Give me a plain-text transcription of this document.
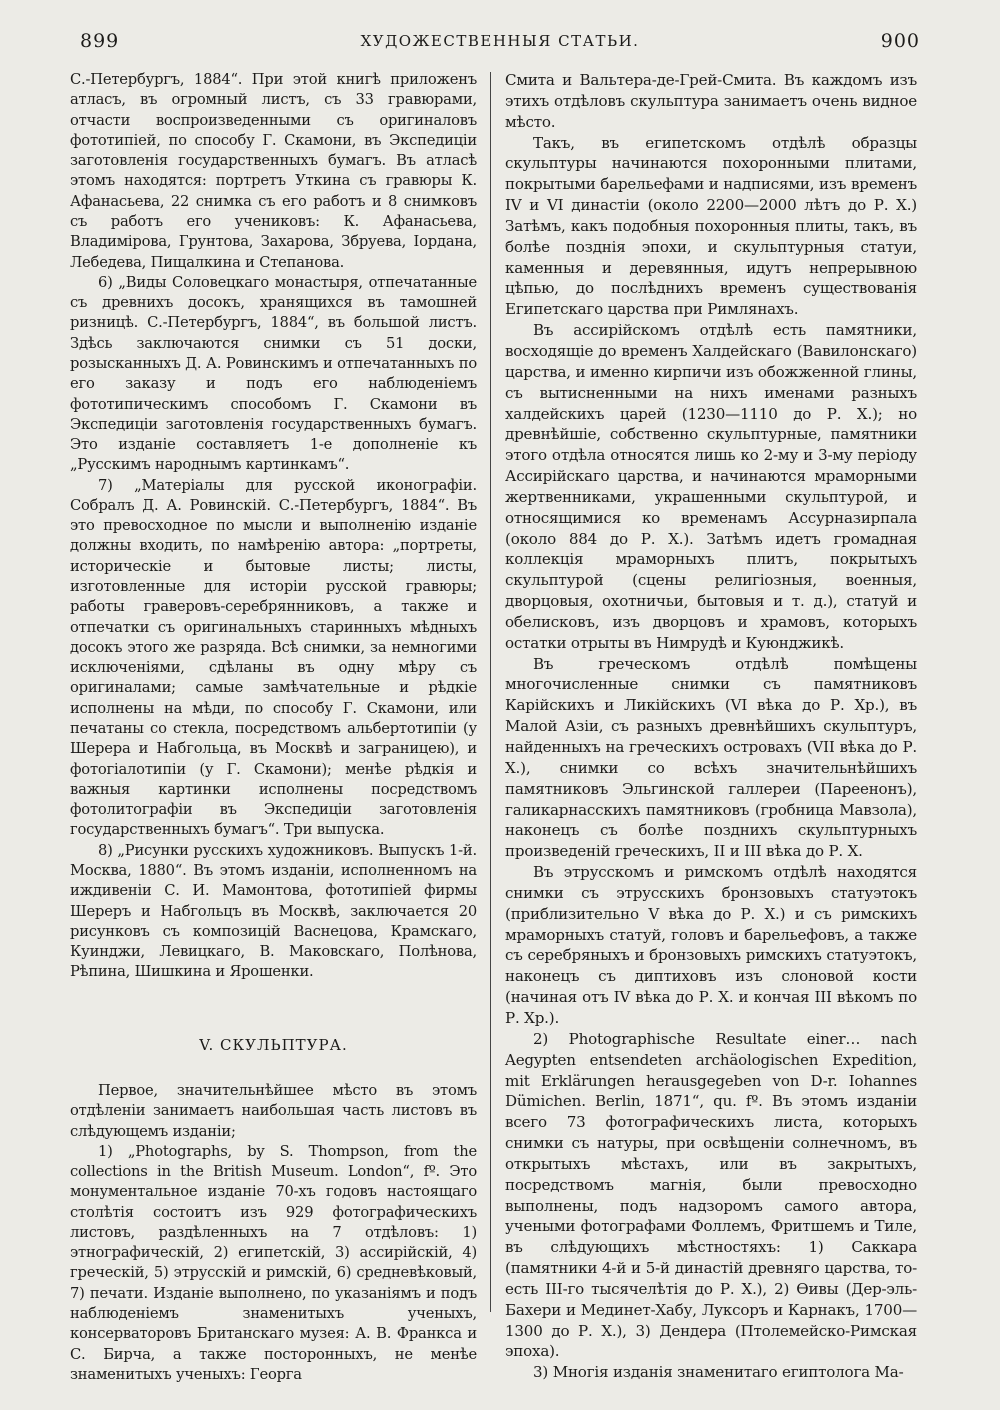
899	ХУДОЖЕСТВЕННЫЯ СТАТЬИ.	900

С.-Петербургъ, 1884“. При этой книгѣ приложенъ атласъ, въ огромный листъ, съ 33 гравюрами, отчасти воспроизведенными съ оригиналовъ фототипіей, по способу Г. Скамони, въ Экспедиціи заготовленія государственныхъ бумагъ. Въ атласѣ этомъ находятся: портретъ Уткина съ гравюры К. Афанасьева, 22 снимка съ его работъ и 8 снимковъ съ работъ его учениковъ: К. Афанасьева, Владимірова, Грунтова, Захарова, Збруева, Іордана, Лебедева, Пищалкина и Степанова.

6) „Виды Соловецкаго монастыря, отпечатанные съ древнихъ досокъ, хранящихся въ тамошней ризницѣ. С.-Петербургъ, 1884“, въ большой листъ. Здѣсь заключаются снимки съ 51 доски, розысканныхъ Д. А. Ровинскимъ и отпечатанныхъ по его заказу и подъ его наблюденіемъ фототипическимъ способомъ Г. Скамони въ Экспедиціи заготовленія государственныхъ бумагъ. Это изданіе составляетъ 1-е дополненіе къ „Русскимъ народнымъ картинкамъ“.

7) „Матеріалы для русской иконографіи. Собралъ Д. А. Ровинскій. С.-Петербургъ, 1884“. Въ это превосходное по мысли и выполненію изданіе должны входить, по намѣренію автора: „портреты, историческіе и бытовые листы; листы, изготовленные для исторіи русской гравюры; работы граверовъ-серебрянниковъ, а также и отпечатки съ оригинальныхъ старинныхъ мѣдныхъ досокъ этого же разряда. Всѣ снимки, за немногими исключеніями, сдѣланы въ одну мѣру съ оригиналами; самые замѣчательные и рѣдкіе исполнены на мѣди, по способу Г. Скамони, или печатаны со стекла, посредствомъ альбертотипіи (у Шерера и Набгольца, въ Москвѣ и заграницею), и фотогіалотипіи (у Г. Скамони); менѣе рѣдкія и важныя картинки исполнены посредствомъ фотолитографіи въ Экспедиціи заготовленія государственныхъ бумагъ“. Три выпуска.

8) „Рисунки русскихъ художниковъ. Выпускъ 1-й. Москва, 1880“. Въ этомъ изданіи, исполненномъ на иждивеніи С. И. Мамонтова, фототипіей фирмы Шереръ и Набгольцъ въ Москвѣ, заключается 20 рисунковъ съ композицій Васнецова, Крамскаго, Куинджи, Левицкаго, В. Маковскаго, Полѣнова, Рѣпина, Шишкина и Ярошенки.

V. СКУЛЬПТУРА.

Первое, значительнѣйшее мѣсто въ этомъ отдѣленіи занимаетъ наибольшая часть листовъ въ слѣдующемъ изданіи;

1) „Photographs, by S. Thompson, from the collections in the British Museum. London“, fº. Это монументальное изданіе 70-хъ годовъ настоящаго столѣтія состоитъ изъ 929 фотографическихъ листовъ, раздѣленныхъ на 7 отдѣловъ: 1) этнографическій, 2) египетскій, 3) ассирійскій, 4) греческій, 5) этрусскій и римскій, 6) средневѣковый, 7) печати. Изданіе выполнено, по указаніямъ и подъ наблюденіемъ знаменитыхъ ученыхъ, консерваторовъ Британскаго музея: А. В. Франкса и С. Бирча, а также посторонныхъ, не менѣе знаменитыхъ ученыхъ: Георга

Смита и Вальтера-де-Грей-Смита. Въ каждомъ изъ этихъ отдѣловъ скульптура занимаетъ очень видное мѣсто.

Такъ, въ египетскомъ отдѣлѣ образцы скульптуры начинаются похоронными плитами, покрытыми барельефами и надписями, изъ временъ IV и VI династіи (около 2200—2000 лѣтъ до Р. Х.) Затѣмъ, какъ подобныя похоронныя плиты, такъ, въ болѣе позднія эпохи, и скульптурныя статуи, каменныя и деревянныя, идутъ непрерывною цѣпью, до послѣднихъ временъ существованія Египетскаго царства при Римлянахъ.

Въ ассирійскомъ отдѣлѣ есть памятники, восходящіе до временъ Халдейскаго (Вавилонскаго) царства, и именно кирпичи изъ обожженной глины, съ вытисненными на нихъ именами разныхъ халдейскихъ царей (1230—1110 до Р. Х.); но древнѣйшіе, собственно скульптурные, памятники этого отдѣла относятся лишь ко 2-му и 3-му періоду Ассирійскаго царства, и начинаются мраморными жертвенниками, украшенными скульптурой, и относящимися ко временамъ Ассурназирпала (около 884 до Р. Х.). Затѣмъ идетъ громадная коллекція мраморныхъ плитъ, покрытыхъ скульптурой (сцены религіозныя, военныя, дворцовыя, охотничьи, бытовыя и т. д.), статуй и обелисковъ, изъ дворцовъ и храмовъ, которыхъ остатки отрыты въ Нимрудѣ и Куюнджикѣ.

Въ греческомъ отдѣлѣ помѣщены многочисленные снимки съ памятниковъ Карійскихъ и Ликійскихъ (VI вѣка до Р. Хр.), въ Малой Азіи, съ разныхъ древнѣйшихъ скульптуръ, найденныхъ на греческихъ островахъ (VII вѣка до Р. Х.), снимки со всѣхъ значительнѣйшихъ памятниковъ Эльгинской галлереи (Пареенонъ), галикарнасскихъ памятниковъ (гробница Мавзола), наконецъ съ болѣе позднихъ скульптурныхъ произведеній греческихъ, II и III вѣка до Р. Х.

Въ этрусскомъ и римскомъ отдѣлѣ находятся снимки съ этрусскихъ бронзовыхъ статуэтокъ (приблизительно V вѣка до Р. Х.) и съ римскихъ мраморныхъ статуй, головъ и барельефовъ, а также съ серебряныхъ и бронзовыхъ римскихъ статуэтокъ, наконецъ съ диптиховъ изъ слоновой кости (начиная отъ IV вѣка до Р. Х. и кончая III вѣкомъ по Р. Хр.).

2) Photographische Resultate einer… nach Aegypten entsendeten archäologischen Expedition, mit Erklärungen herausgegeben von D-r. Iohannes Dümichen. Berlin, 1871“, qu. fº. Въ этомъ изданіи всего 73 фотографическихъ листа, которыхъ снимки съ натуры, при освѣщеніи солнечномъ, въ открытыхъ мѣстахъ, или въ закрытыхъ, посредствомъ магнія, были превосходно выполнены, подъ надзоромъ самого автора, учеными фотографами Фоллемъ, Фритшемъ и Тиле, въ слѣдующихъ мѣстностяхъ: 1) Саккара (памятники 4-й и 5-й династій древняго царства, то-есть III-го тысячелѣтія до Р. Х.), 2) Өивы (Дер-эль-Бахери и Мединет-Хабу, Луксоръ и Карнакъ, 1700—1300 до Р. Х.), 3) Дендера (Птолемейско-Римская эпоха).

3) Многія изданія знаменитаго египтолога Ма-
